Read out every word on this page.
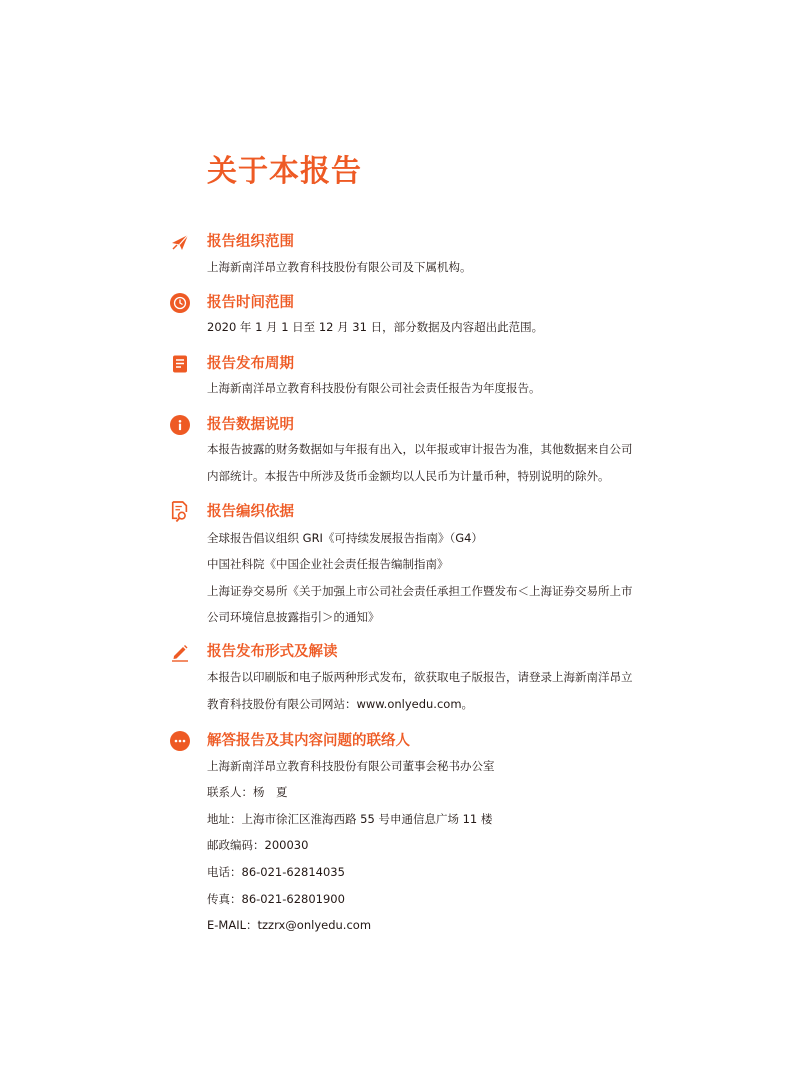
关于本报告
报告组织范围
上海新南洋昂立教育科技股份有限公司及下属机构。
报告时间范围
2020 年 1 月 1 日至 12 月 31 日，部分数据及内容超出此范围。
报告发布周期
上海新南洋昂立教育科技股份有限公司社会责任报告为年度报告。
报告数据说明
本报告披露的财务数据如与年报有出入，以年报或审计报告为准，其他数据来自公司
内部统计。本报告中所涉及货币金额均以人民币为计量币种，特别说明的除外。
报告编织依据
全球报告倡议组织 GRI《可持续发展报告指南》（G4）
中国社科院《中国企业社会责任报告编制指南》
上海证券交易所《关于加强上市公司社会责任承担工作暨发布＜上海证券交易所上市
公司环境信息披露指引＞的通知》
报告发布形式及解读
本报告以印刷版和电子版两种形式发布，欲获取电子版报告，请登录上海新南洋昂立
教育科技股份有限公司网站：www.onlyedu.com。
解答报告及其内容问题的联络人
上海新南洋昂立教育科技股份有限公司董事会秘书办公室
联系人：杨　夏
地址：上海市徐汇区淮海西路 55 号申通信息广场 11 楼
邮政编码：200030
电话：86-021-62814035
传真：86-021-62801900
E-MAIL：tzzrx@onlyedu.com
